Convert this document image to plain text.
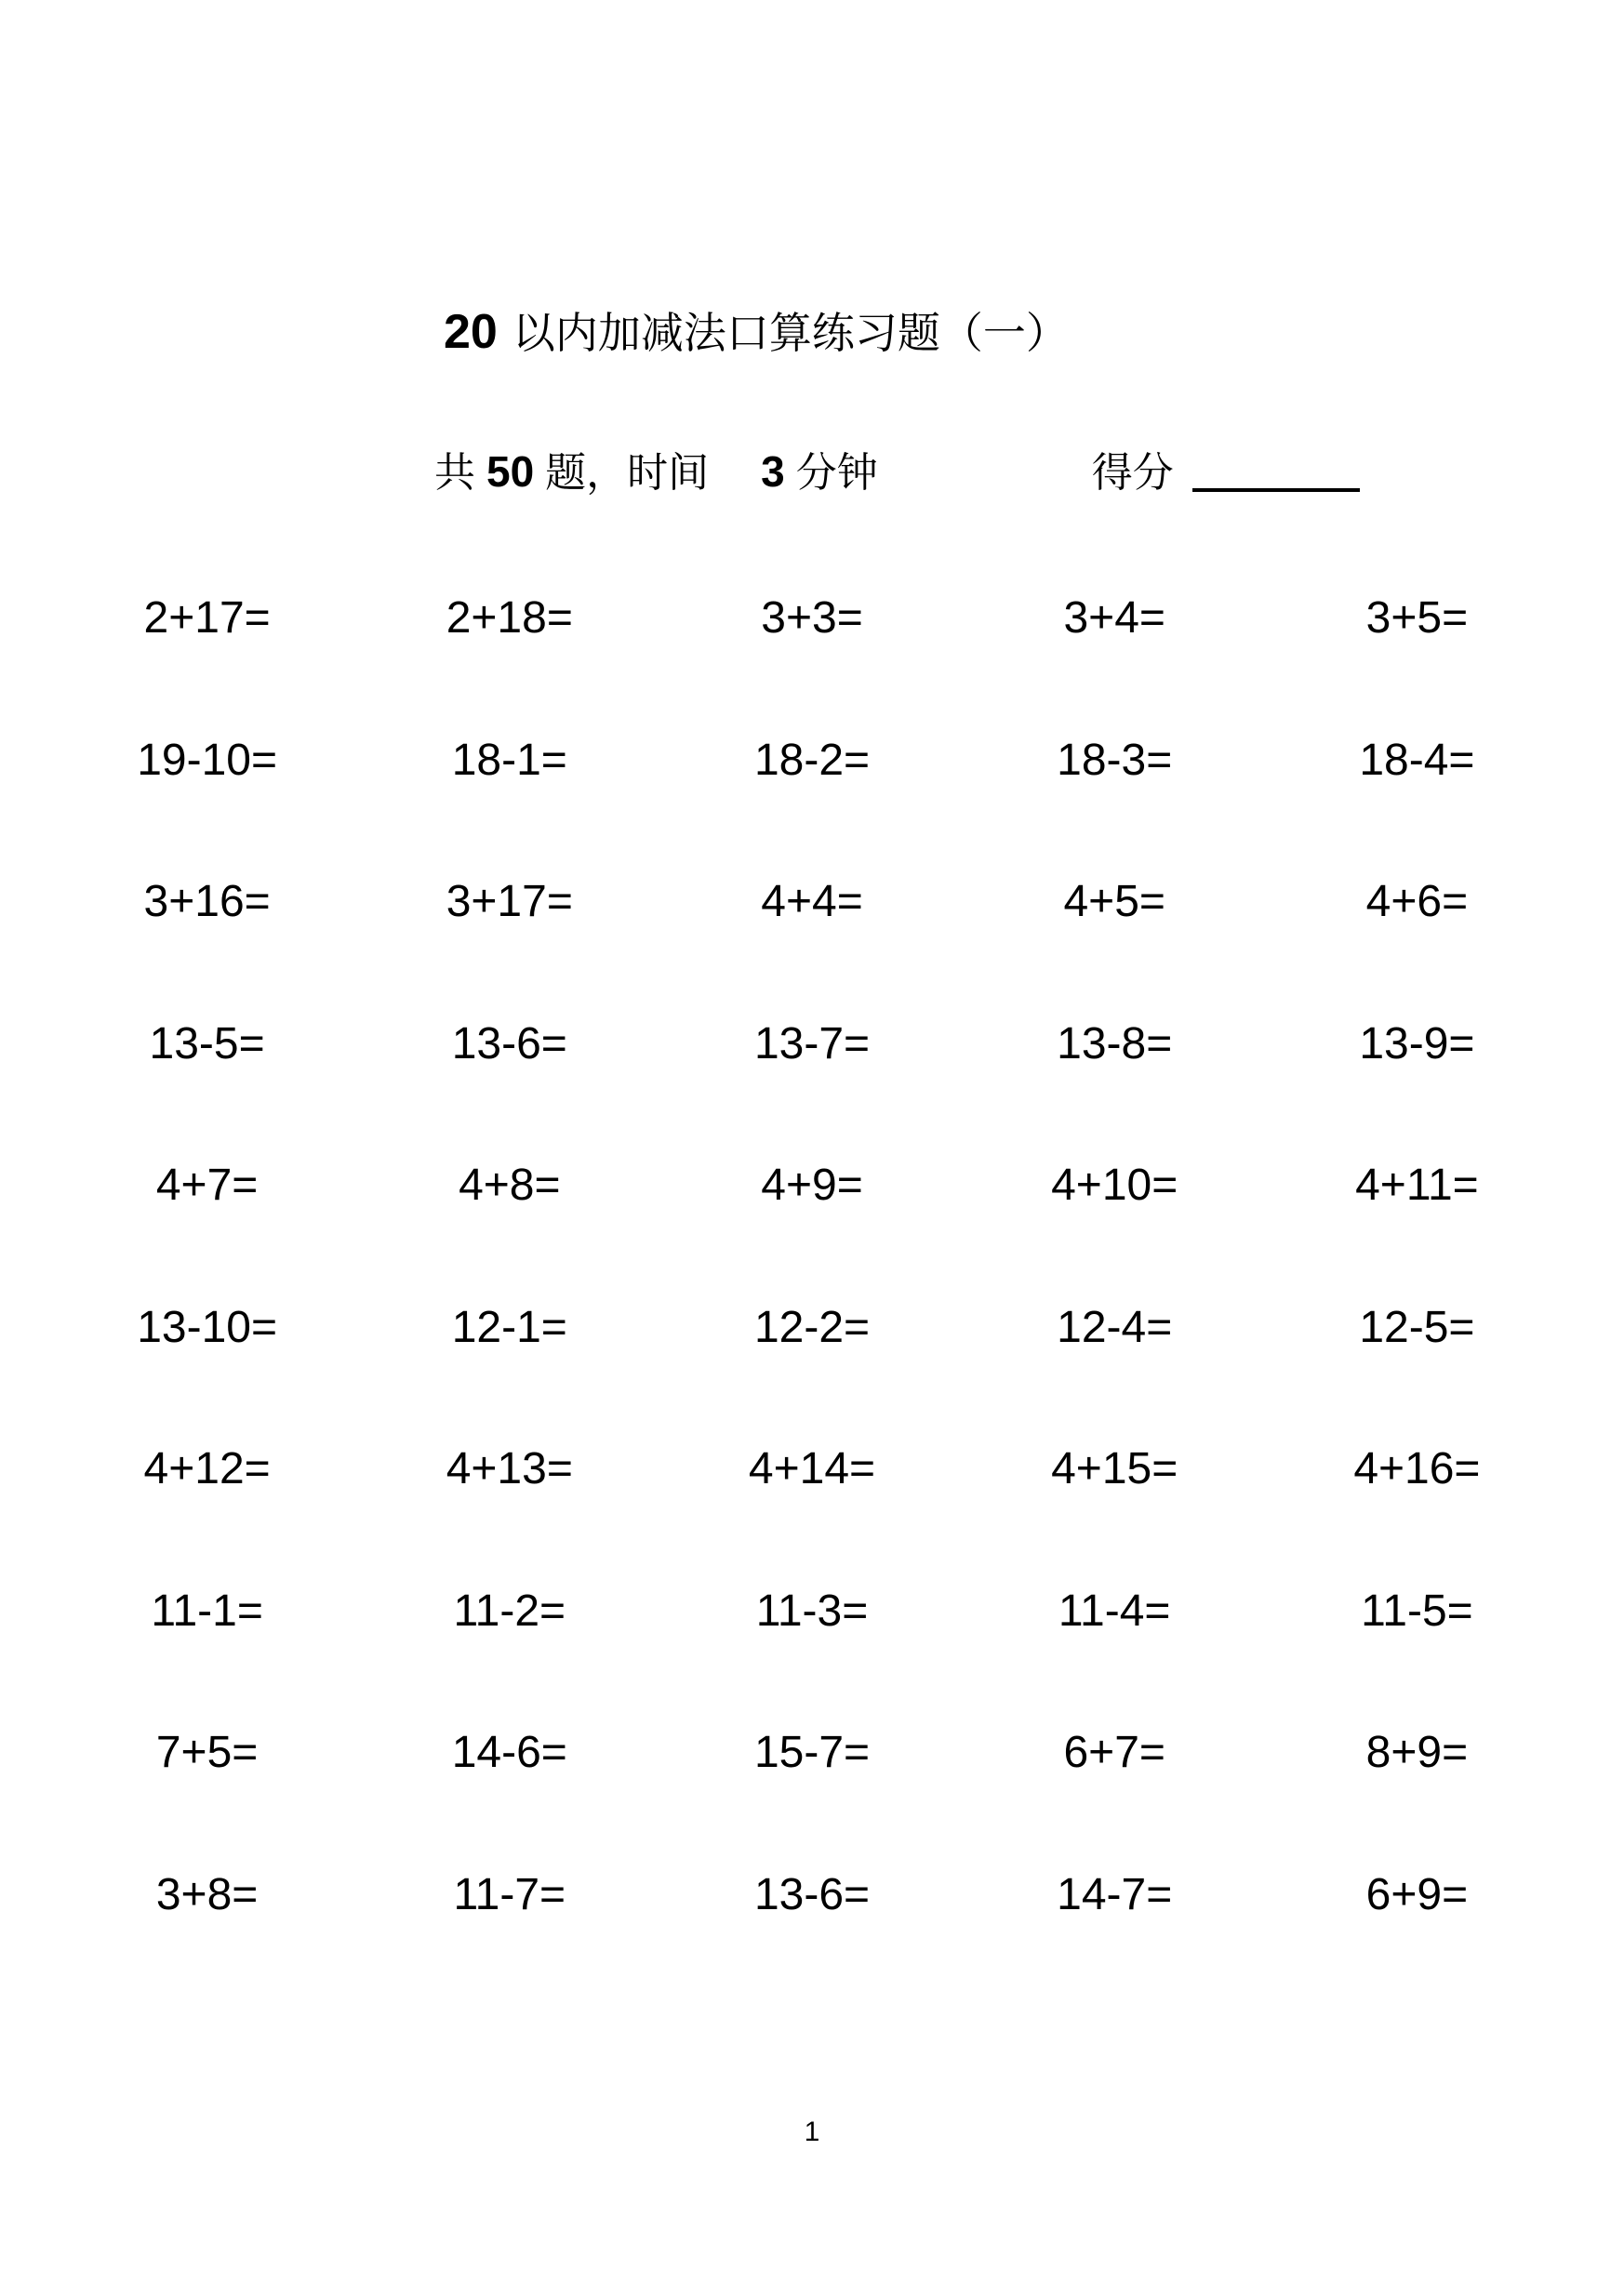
20 以内加减法口算练习题（一）
共 50 题，时间 3 分钟	得分
2+17=	2+18=	3+3=	3+4=	3+5=
19-10=	18-1=	18-2=	18-3=	18-4=
3+16=	3+17=	4+4=	4+5=	4+6=
13-5=	13-6=	13-7=	13-8=	13-9=
4+7=	4+8=	4+9=	4+10=	4+11=
13-10=	12-1=	12-2=	12-4=	12-5=
4+12=	4+13=	4+14=	4+15=	4+16=
11-1=	11-2=	11-3=	11-4=	11-5=
7+5=	14-6=	15-7=	6+7=	8+9=
3+8=	11-7=	13-6=	14-7=	6+9=
1
